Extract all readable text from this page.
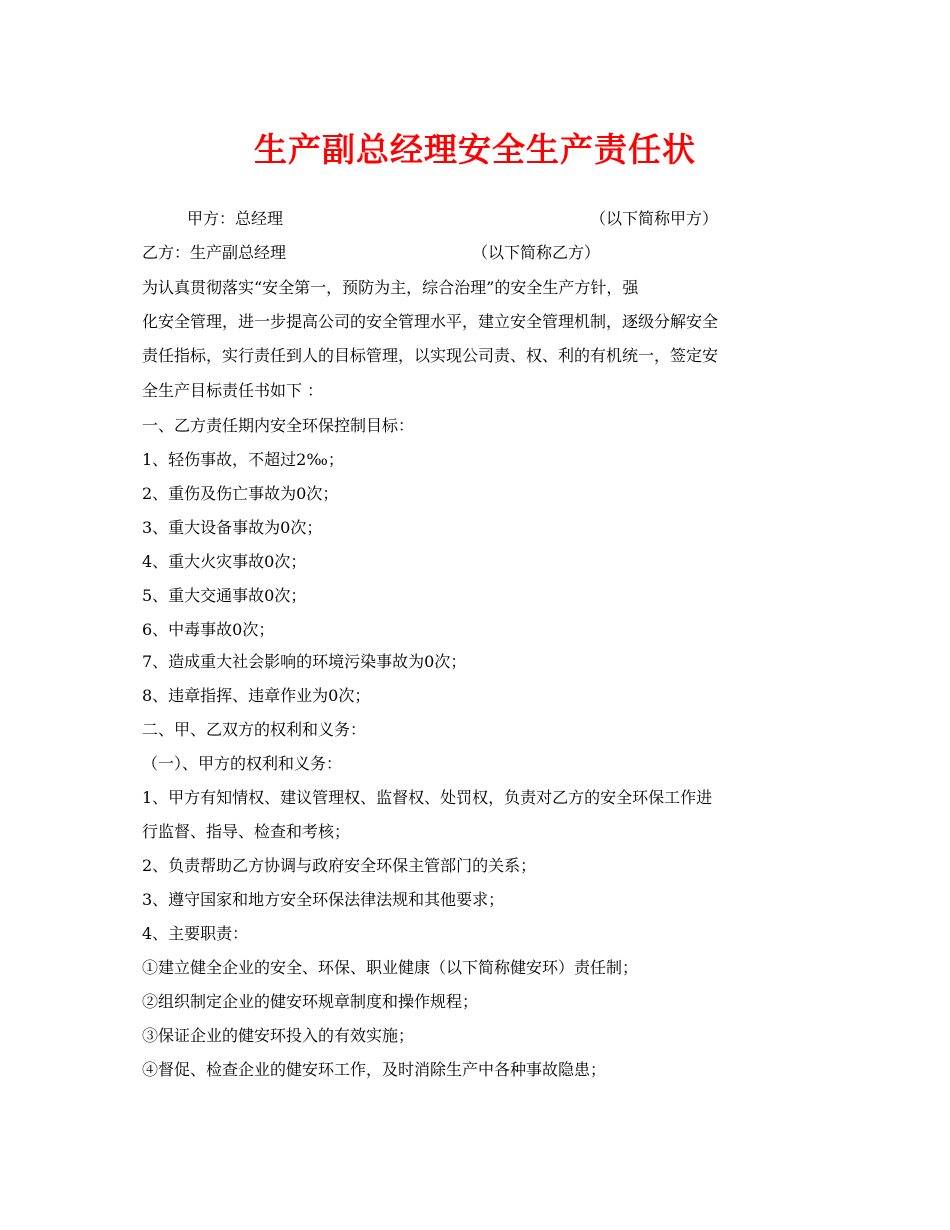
生产副总经理安全生产责任状
甲方：总经理	（以下简称甲方）
乙方：生产副总经理	（以下简称乙方）
为认真贯彻落实“安全第一，预防为主，综合治理”的安全生产方针，强
化安全管理，进一步提高公司的安全管理水平，建立安全管理机制，逐级分解安全
责任指标，实行责任到人的目标管理，以实现公司责、权、利的有机统一，签定安
全生产目标责任书如下 ：
一、乙方责任期内安全环保控制目标：
1、轻伤事故，不超过2‰；
2、重伤及伤亡事故为0次；
3、重大设备事故为0次；
4、重大火灾事故0次；
5、重大交通事故0次；
6、中毒事故0次；
7、造成重大社会影响的环境污染事故为0次；
8、违章指挥、违章作业为0次；
二、甲、乙双方的权利和义务：
（一）、甲方的权利和义务：
1、甲方有知情权、建议管理权、监督权、处罚权，负责对乙方的安全环保工作进
行监督、指导、检查和考核；
2、负责帮助乙方协调与政府安全环保主管部门的关系；
3、遵守国家和地方安全环保法律法规和其他要求；
4、主要职责：
①建立健全企业的安全、环保、职业健康（以下简称健安环）责任制；
②组织制定企业的健安环规章制度和操作规程；
③保证企业的健安环投入的有效实施；
④督促、检查企业的健安环工作，及时消除生产中各种事故隐患；
